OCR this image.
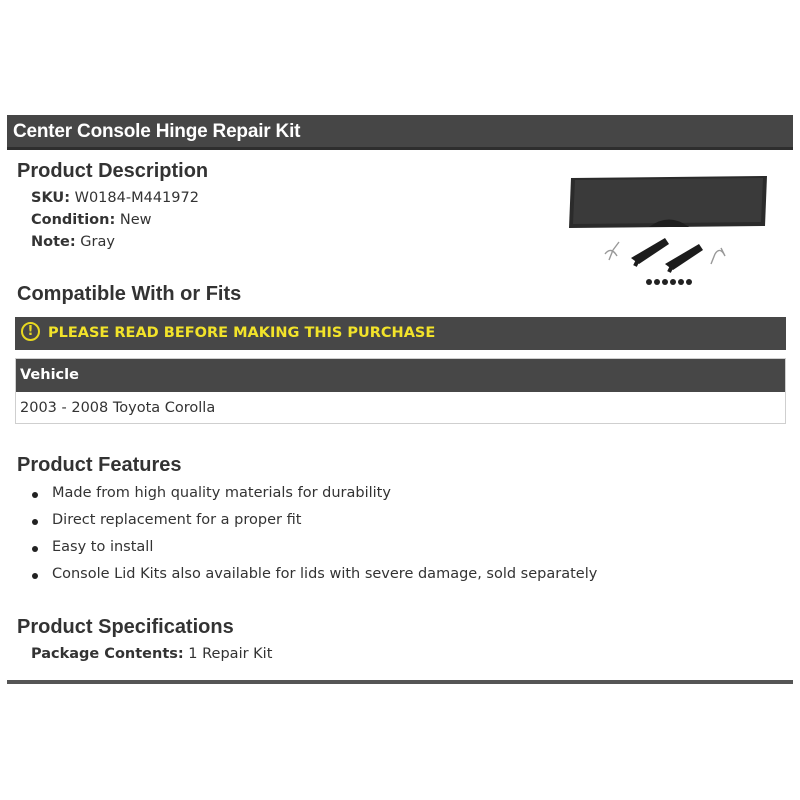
Center Console Hinge Repair Kit
Product Description
SKU: W0184-M441972
Condition: New
Note: Gray
Compatible With or Fits
!	PLEASE READ BEFORE MAKING THIS PURCHASE
Vehicle
2003 - 2008 Toyota Corolla
Product Features
Made from high quality materials for durability
Direct replacement for a proper fit
Easy to install
Console Lid Kits also available for lids with severe damage, sold separately
Product Specifications
Package Contents: 1 Repair Kit
